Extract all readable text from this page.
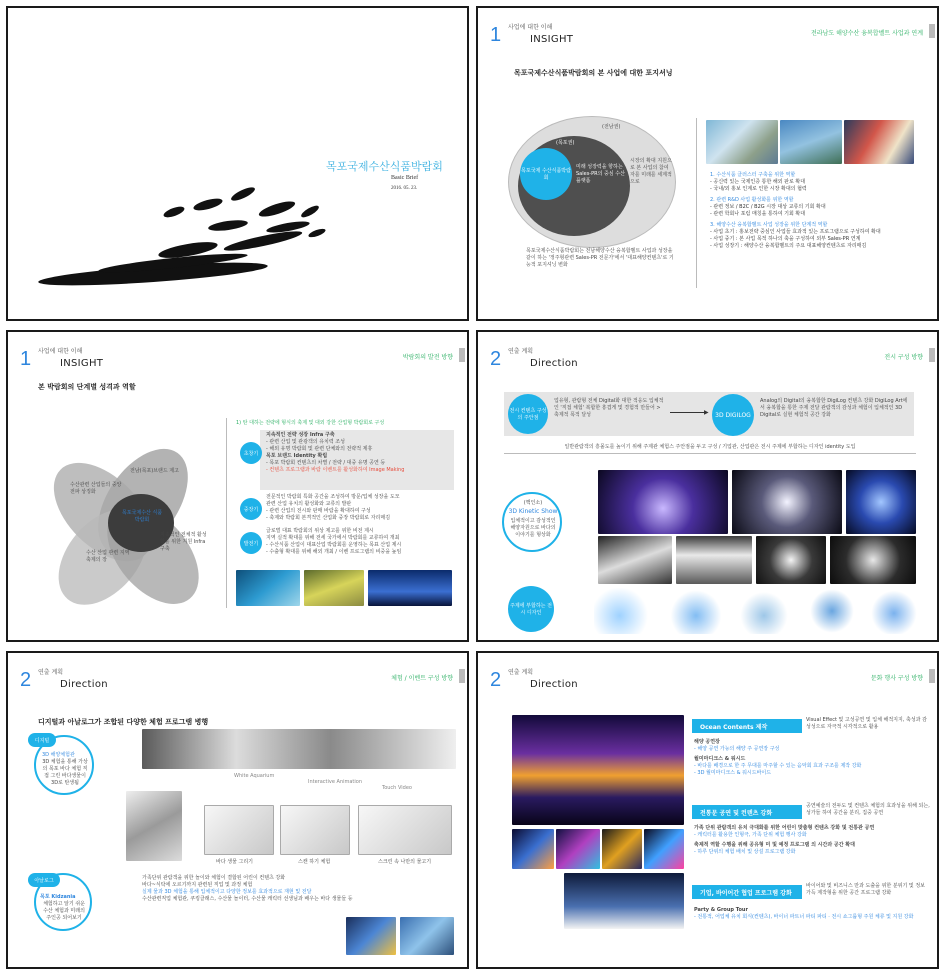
목포국제수산식품박람회
Basic Brief
2016. 05. 23.
1 사업에 대한 이해
INSIGHT
전라남도 해양수산 융복합벨트 사업과 연계
목포국제수산식품박람회의 본 사업에 대한 포지셔닝
(전남권)
(목포권)
목포국제 수산식품박람회
미래 성장력을 향하는 Sales-PR의 중심 수산 플랫폼
시장의 확대 지원으로 본 사업의 참여자를 미래를 세계적으로
목포국제수산식품박람회는 전남해양수산 융복합벨트 사업과 성장을 같이 하는 '정주형관련 Sales-PR 전문가'에서 '대표해양컨텐츠'로 기능적 포지셔닝 변화
1. 수산식품 클러스터 구축을 위한 역할
- 공신력 있는 국제인증 통한 해외 판로 확대
- 국내/외 홍보 인계로 인한 시장 확대의 협력
2. 관련 R&D 사업 활성화를 위한 역할
- 관련 정보 / B2C / B2G 시장 대상 교류의 기회 확대
- 관련 학회나 포럼 매칭을 통하여 기회 확대
3. 해양수산 융복합벨트 사업 성장을 위한 단계적 역할
- 사업 초기 : 홍보전략 중심인 사업들 효과적 있는 프로그램으로 구성하여 확대
- 사업 중기 : 본 사업 목적 하나의 축을 구성하여 외부 Sales-PR 연계
- 사업 성장기 : 해양수산 융복합벨트의 주요 대표해양컨텐츠로 자리매김
1 사업에 대한 이해
INSIGHT
박람회의 발전 방향
본 박람회의 단계별 성격과 역할
목포국제수산 식품박람회
전남(목포)브랜드 제고
수산관련 산업들의 중앙 전파 상징화
수산 산업 관련 지역 축제의 장
지속적인 전체적 활성화를 위한 지원 Infra 구축
1) 탄 대하는 전략에 형식의 축제 및 대외 강한 산업형 박람회로 구성
초창기
지속적인 전략 성장 Infra 구축
- 관련 산업 및 관광객의 유치력 조성
- 해외 유명 박람회 및 관련 단체와의 전략적 제휴
목포 브랜드 Identity 확립
- 목포 박람회 컨텐츠의 차별 / 전략 / 대중 유명 공연 등
- 컨텐츠 프로그램과 바람 이벤트를 활성화하여 Image Making
중장기
전문적인 박람회 특화 공간을 조성하여 방문/업체 성장을 도모
관련 산업 유치의 활성화와 교류의 발판
- 관련 산업의 전시와 판매 바람을 확대하여 구성
- 축제와 박람회 본격적인 산업화 중장 박람회로 자리매김
발전기
글로벌 대표 박람회의 위상 제고를 위한 비전 제시
지역 실적 확대를 위해 전세 국가에서 박람회를 교류하여 개최
- 수산식품 산업이 대표산업 박람회를 운영하는 목표 산업 제시
- 수출형 확대를 위해 해외 개최 / 이벤 프로그램의 비중을 높임
2 연출 계획
Direction
전시 구성 방향
전시 컨텐츠 구성의 주안점
업유형, 관람형 전체 Digital화 대한 적응도 입체적인 '직접 체험' 복합한 흥겹게 및 경험적 만들어 > 축제적 폭적 달성	▶	3D DIGILOG
Analog의 Digital의 융복합한 DigiLog 컨텐츠 강화 DigiLog Art에서 융복합을 통한 주제 전달 관람객의 감성과 체험이 입체적인 3D Digital로 실현 체험적 공간 강화
일반관람객의 흥몰도를 높이기 위해 주제관 체험스 주안점을 두고 구성 / 기업관, 산업관은 전시 주제에 부합하는 디자인 identity 도입
(핵인소)
3D Kinetic Show
입체적이고 감성적인 해양자원으로 바다의 이야기를 형상화
주제에 부합하는 전시 디자인
2 연출 계획
Direction
체험 / 이벤트 구성 방향
디지털과 아날로그가 조합된 다양한 체험 프로그램 병행
디지털
3D 해양체험관
3D 체험을 통해 가상의 목포 바다 체험 직접 그린 바다생물이 3D로 탄생됨
White Aquarium
Interactive Animation
Touch Video
바다 생물 그리기	스캔 하기 체험	스크린 속 나만의 물고기
아날로그
목포 Kidzania
체험하고 알기 쉬운 수산 체험과 미래의 주인공 되어보기
가족단위 관람객을 위한 놀이와 체험이 결합된 어린이 컨텐츠 강화
바다~식탁에 오르기까지 관련된 직업 및 과정 체험
실제 물과 3D 체험을 통해 입체적이고 다양한 정보를 효과적으로 재현 및 전달
수산관련직업 체험관, 쿠킹클래스, 수산물 놀이터, 수산물 캐릭터 선생님과 배우는 바다 생물들 등
2 연출 계획
Direction
문화 행사 구성 방향
Ocean Contents 제작
Visual Effect 및 고성공연 및 입체 해적지지, 축성과 감성성으로 자극적 시각적으로 활용
해양 공연장
- 해양 공연 가능의 해양 주 공연장 구성
월미마디크스 & 워시드
- 바다를 배경으로 한 주 무대를 마주할 수 있는 음악회 효과 구조를 제작 강화
- 3D 월미마디크스 & 워시드바이드
전통문 공연 및 컨텐츠 강화
공연예술의 전두도 및 컨텐츠 체험의 효과성을 위해 되는, 성가들 하여 공간을 분리, 집중 공연
가족 단위 관람객의 유치 극대화를 위한 어린이 맞춤형 컨텐츠 강화 및 전통관 공연
- 캐릭터를 활용한 인형극, 가족 단위 체험 행사 강화
축제적 역할 수행을 위해 공유형 미 및 예정 프로그램 의 시간과 공간 확대
- 하루 단위의 체험 배치 및 상설 프로그램 강화
기업, 바이어간 협업 프로그램 강화
바이어와 및 비즈니스 만과 도출을 위한 분위기 및 정보 가득 제작형을 위한 공간 프로그램 강화
Party & Group Tour
- 전통적, 어업체 유치 회식(컨텐츠), 바이너 파트너 파티 파티 · 전시 쇼그룹형 주원 체류 및 지원 강화
